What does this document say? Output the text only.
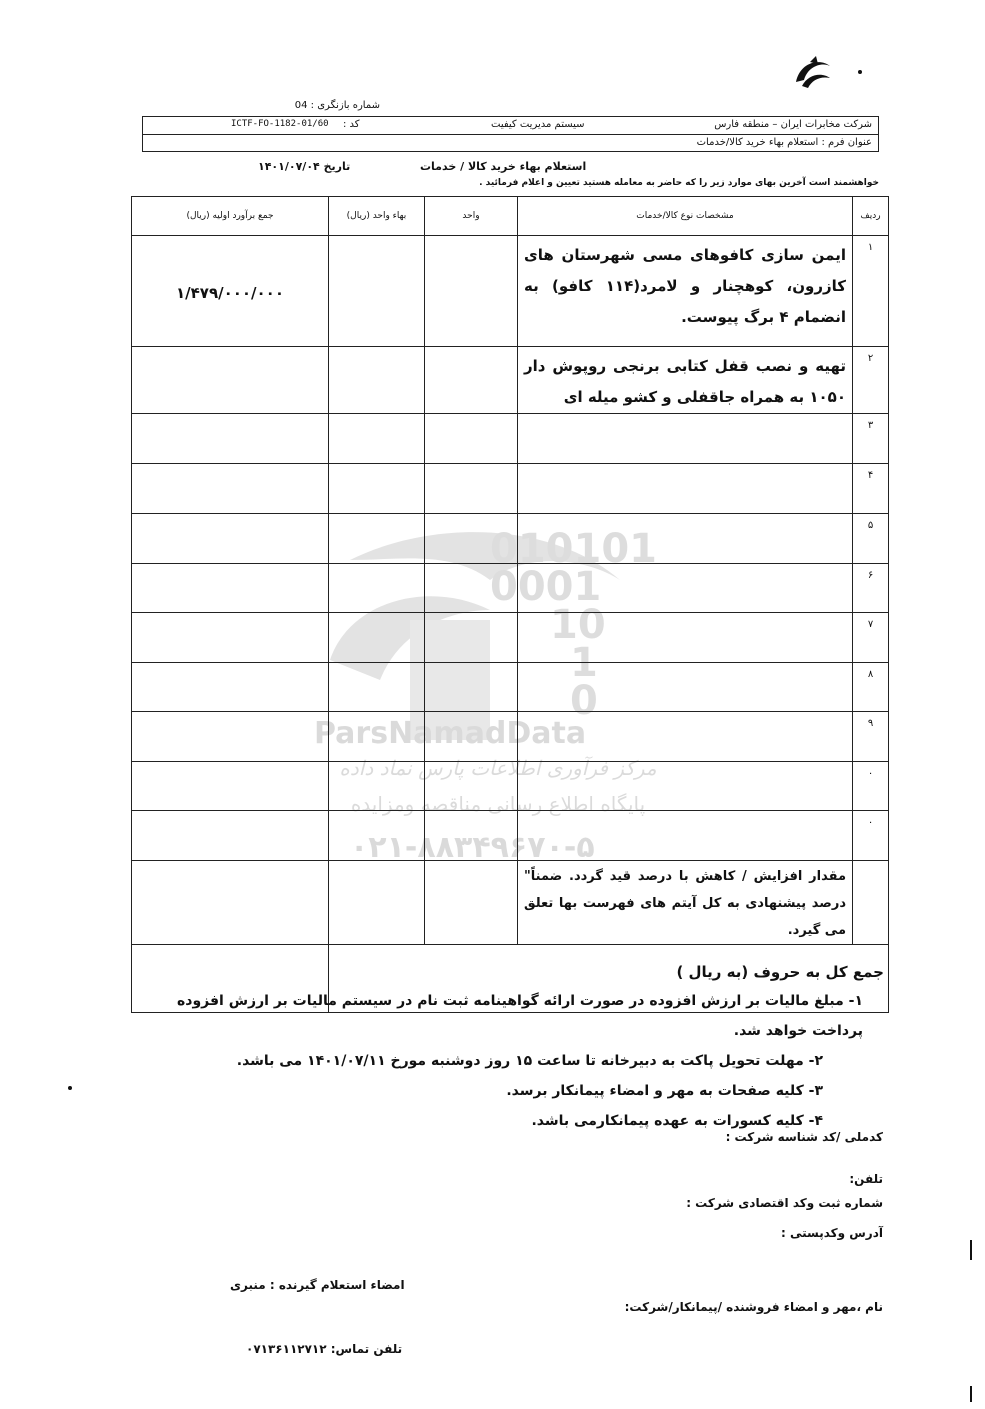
شماره بازنگری : 04
شرکت مخابرات ایران – منطقه فارس
سیستم مدیریت کیفیت
کد :
ICTF-FO-1182-01/60
عنوان فرم : استعلام بهاء خرید کالا/خدمات
استعلام بهاء خرید کالا / خدمات
تاریخ ۱۴۰۱/۰۷/۰۴
خواهشمند است آخرین بهای موارد زیر را که حاضر به معامله هستید تعیین و اعلام فرمائید .
010101
0001
10
1
0
ParsNamadData
مرکز فرآوری اطلاعات پارس نماد داده
پایگاه اطلاع رسانی مناقصه ومزایده
۰۲۱-۸۸۳۴۹۶۷۰-۵
ردیف	مشخصات نوع کالا/خدمات	واحد	بهاء واحد (ریال)	جمع برآورد اولیه (ریال)

۱	ایمن سازی کافوهای مسی شهرستان های کازرون، کوهچنار و لامرد(۱۱۴ کافو) به انضمام ۴ برگ پیوست.			۱/۴۷۹/۰۰۰/۰۰۰

۲	تهیه و نصب قفل کتابی برنجی روپوش دار ۱۰۵۰ به همراه جاقفلی و کشو میله ای			

۳				

۴				

۵				

۶				

۷				

۸				

۹				

۰				

۰				

	مقدار افزایش / کاهش با درصد قید گردد. ضمناً" درصد پیشنهادی به کل آیتم های فهرست بها تعلق می گیرد.			

جمع کل به حروف (به ریال )				

۱- مبلغ مالیات بر ارزش افزوده در صورت ارائه گواهینامه ثبت نام در سیستم مالیات بر ارزش افزوده پرداخت خواهد شد.
۲- مهلت تحویل پاکت به دبیرخانه تا ساعت ۱۵ روز دوشنبه مورخ ۱۴۰۱/۰۷/۱۱ می باشد.
۳- کلیه صفحات به مهر و امضاء پیمانکار برسد.
۴- کلیه کسورات به عهده پیمانکارمی باشد.
کدملی /کد شناسه شرکت :
تلفن:
شماره ثبت وکد اقتصادی شرکت :
آدرس وکدپستی :
امضاء استعلام گیرنده : منبری
نام ،مهر و امضاء فروشنده /پیمانکار/شرکت:
تلفن تماس: ۰۷۱۳۶۱۱۲۷۱۲
